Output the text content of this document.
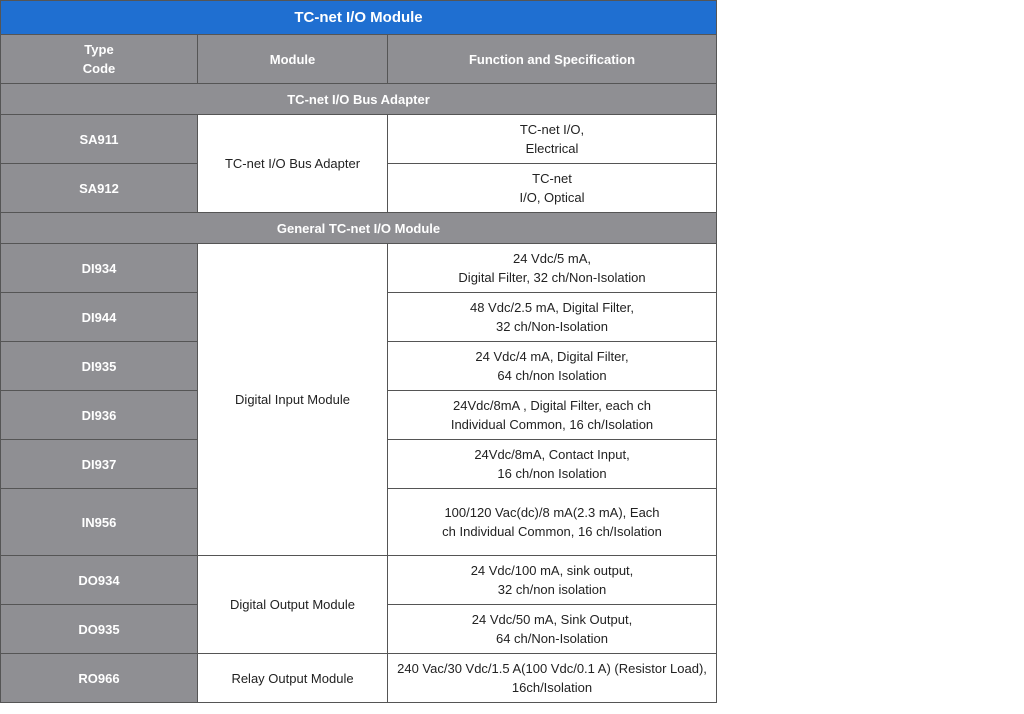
TC-net I/O Module		

Type
Code	Module	Function and Specification
TC-net I/O Bus Adapter		
SA911	TC-net I/O Bus Adapter	TC-net I/O,
Electrical

SA912		TC-net
I/O, Optical

General TC-net I/O Module		
DI934	Digital Input Module	24 Vdc/5 mA,
Digital Filter, 32 ch/Non-Isolation

DI944		48 Vdc/2.5 mA, Digital Filter,
32 ch/Non-Isolation

DI935		24 Vdc/4 mA, Digital Filter,
64 ch/non Isolation

DI936		24Vdc/8mA , Digital Filter, each ch
Individual Common, 16 ch/Isolation

DI937		24Vdc/8mA, Contact Input,
16 ch/non Isolation

IN956		100/120 Vac(dc)/8 mA(2.3 mA), Each
ch Individual Common, 16 ch/Isolation

DO934	Digital Output Module	24 Vdc/100 mA, sink output,
32 ch/non isolation

DO935		24 Vdc/50 mA, Sink Output,
64 ch/Non-Isolation

RO966	Relay Output Module	240 Vac/30 Vdc/1.5 A(100 Vdc/0.1 A) (Resistor Load),
16ch/Isolation
